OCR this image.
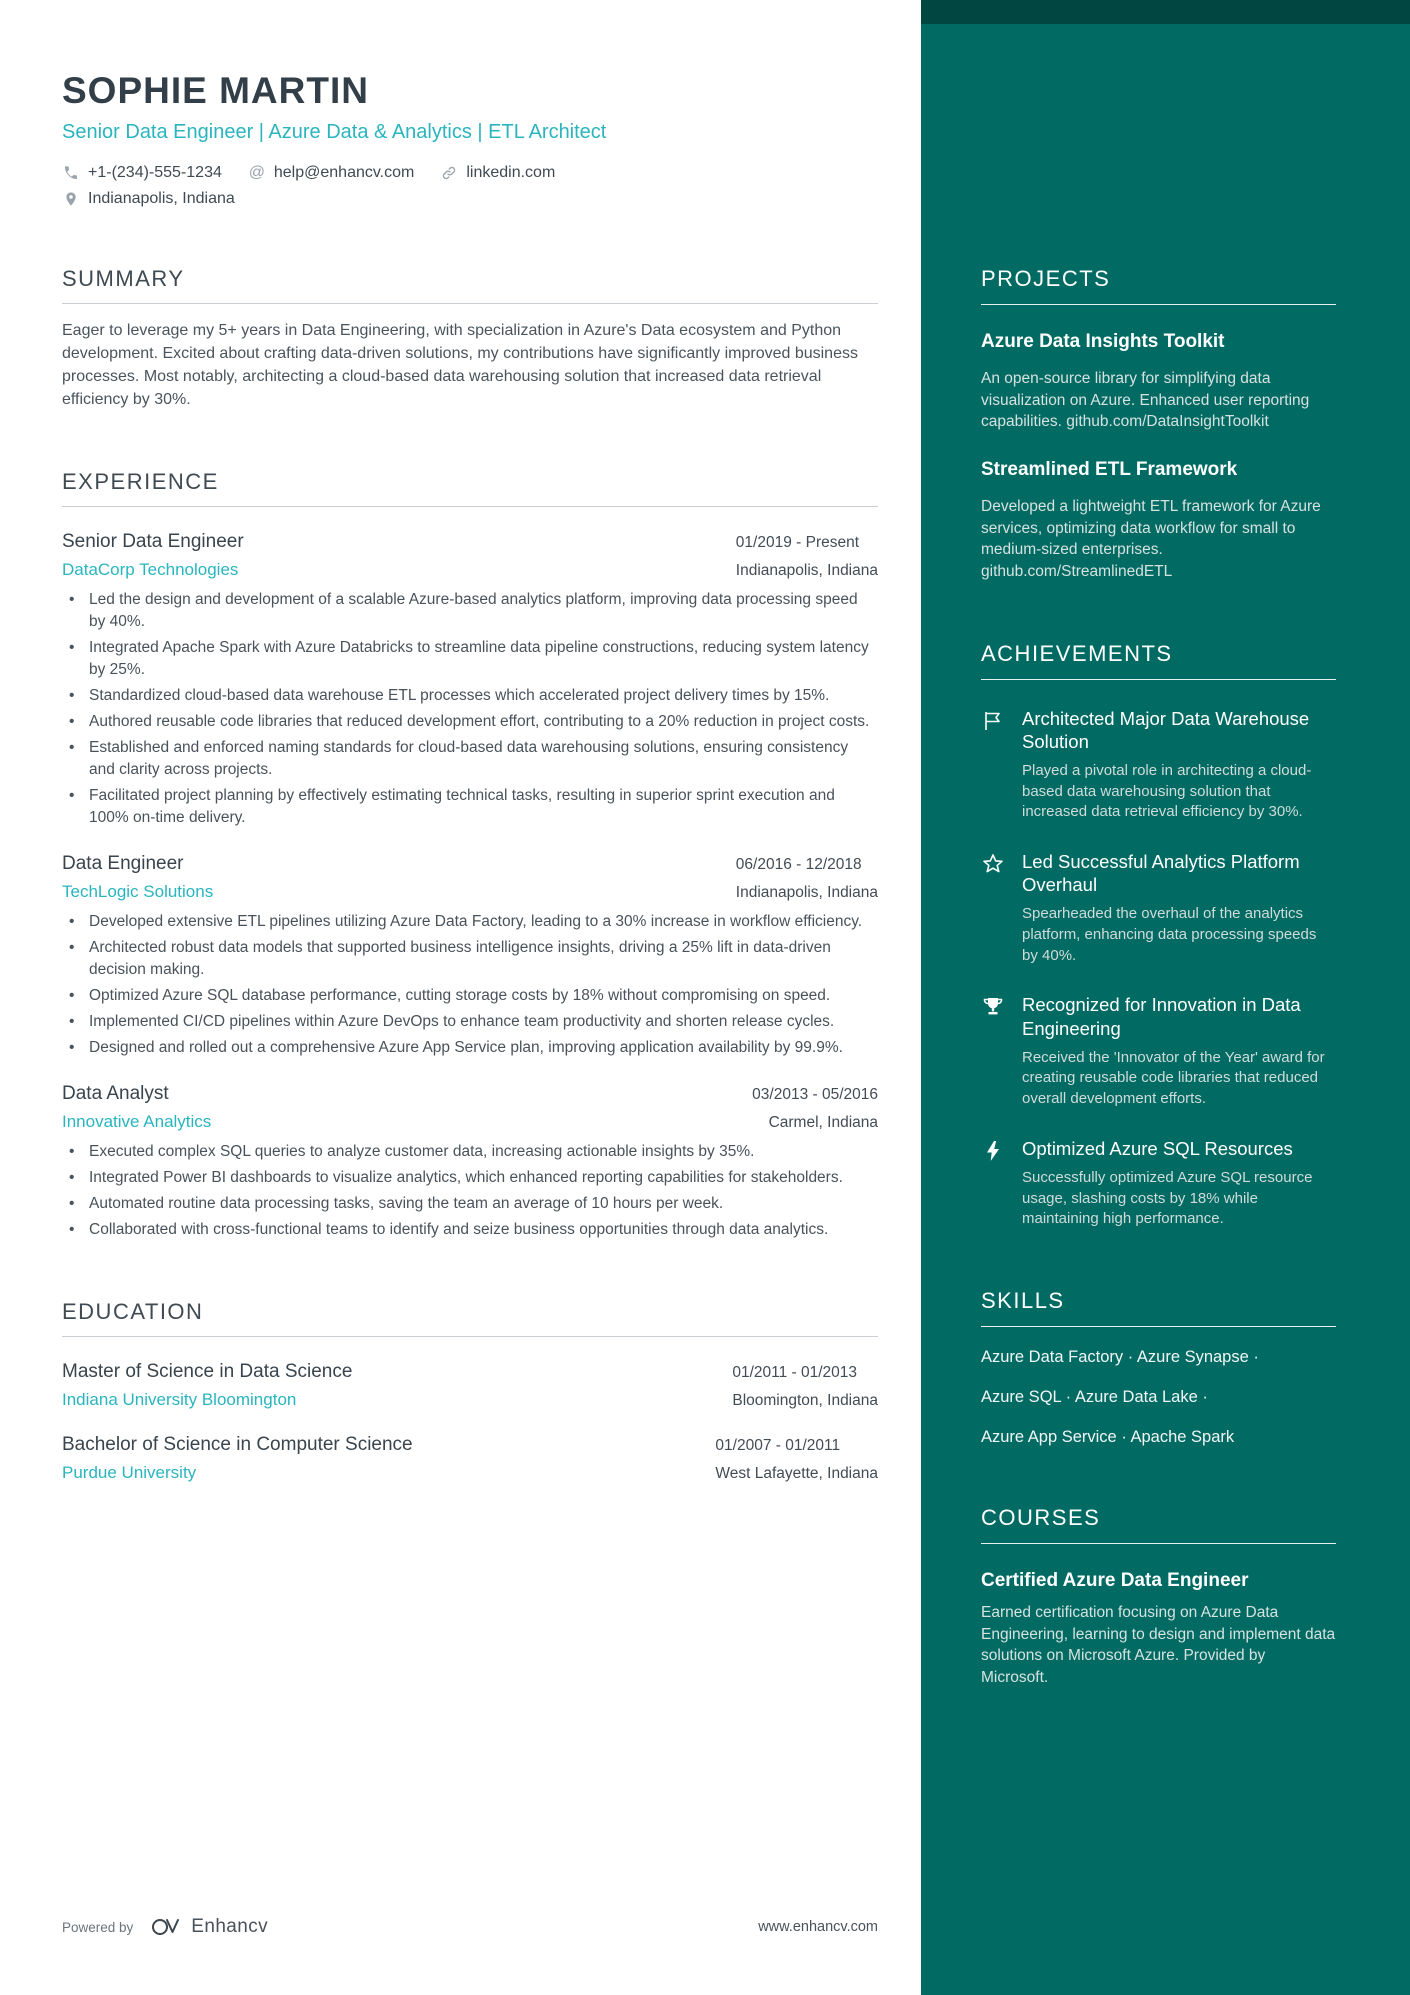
SOPHIE MARTIN
Senior Data Engineer | Azure Data & Analytics | ETL Architect
+1-(234)-555-1234 @ help@enhancv.com	linkedin.com
Indianapolis, Indiana
SUMMARY
Eager to leverage my 5+ years in Data Engineering, with specialization in Azure's Data ecosystem and Python development. Excited about crafting data-driven solutions, my contributions have significantly improved business processes. Most notably, architecting a cloud-based data warehousing solution that increased data retrieval efficiency by 30%.
EXPERIENCE
Senior Data Engineer	01/2019 - Present
DataCorp Technologies	Indianapolis, Indiana
• Led the design and development of a scalable Azure-based analytics platform, improving data processing speed by 40%.
• Integrated Apache Spark with Azure Databricks to streamline data pipeline constructions, reducing system latency by 25%.
• Standardized cloud-based data warehouse ETL processes which accelerated project delivery times by 15%.
• Authored reusable code libraries that reduced development effort, contributing to a 20% reduction in project costs.
• Established and enforced naming standards for cloud-based data warehousing solutions, ensuring consistency and clarity across projects.
• Facilitated project planning by effectively estimating technical tasks, resulting in superior sprint execution and 100% on-time delivery.
Data Engineer	06/2016 - 12/2018
TechLogic Solutions	Indianapolis, Indiana
• Developed extensive ETL pipelines utilizing Azure Data Factory, leading to a 30% increase in workflow efficiency.
• Architected robust data models that supported business intelligence insights, driving a 25% lift in data-driven decision making.
• Optimized Azure SQL database performance, cutting storage costs by 18% without compromising on speed.
• Implemented CI/CD pipelines within Azure DevOps to enhance team productivity and shorten release cycles.
• Designed and rolled out a comprehensive Azure App Service plan, improving application availability by 99.9%.
Data Analyst	03/2013 - 05/2016
Innovative Analytics	Carmel, Indiana
• Executed complex SQL queries to analyze customer data, increasing actionable insights by 35%.
• Integrated Power BI dashboards to visualize analytics, which enhanced reporting capabilities for stakeholders.
• Automated routine data processing tasks, saving the team an average of 10 hours per week.
• Collaborated with cross-functional teams to identify and seize business opportunities through data analytics.
EDUCATION
Master of Science in Data Science	01/2011 - 01/2013
Indiana University Bloomington	Bloomington, Indiana
Bachelor of Science in Computer Science	01/2007 - 01/2011
Purdue University	West Lafayette, Indiana
PROJECTS
Azure Data Insights Toolkit
An open-source library for simplifying data visualization on Azure. Enhanced user reporting capabilities. github.com/DataInsightToolkit
Streamlined ETL Framework
Developed a lightweight ETL framework for Azure services, optimizing data workflow for small to medium-sized enterprises. github.com/StreamlinedETL
ACHIEVEMENTS
Architected Major Data Warehouse Solution
Played a pivotal role in architecting a cloud-based data warehousing solution that increased data retrieval efficiency by 30%.
Led Successful Analytics Platform Overhaul
Spearheaded the overhaul of the analytics platform, enhancing data processing speeds by 40%.
Recognized for Innovation in Data Engineering
Received the 'Innovator of the Year' award for creating reusable code libraries that reduced overall development efforts.
Optimized Azure SQL Resources
Successfully optimized Azure SQL resource usage, slashing costs by 18% while maintaining high performance.
SKILLS
Azure Data Factory · Azure Synapse ·
Azure SQL · Azure Data Lake ·
Azure App Service · Apache Spark
COURSES
Certified Azure Data Engineer
Earned certification focusing on Azure Data Engineering, learning to design and implement data solutions on Microsoft Azure. Provided by Microsoft.
Powered by	Enhancv	www.enhancv.com
